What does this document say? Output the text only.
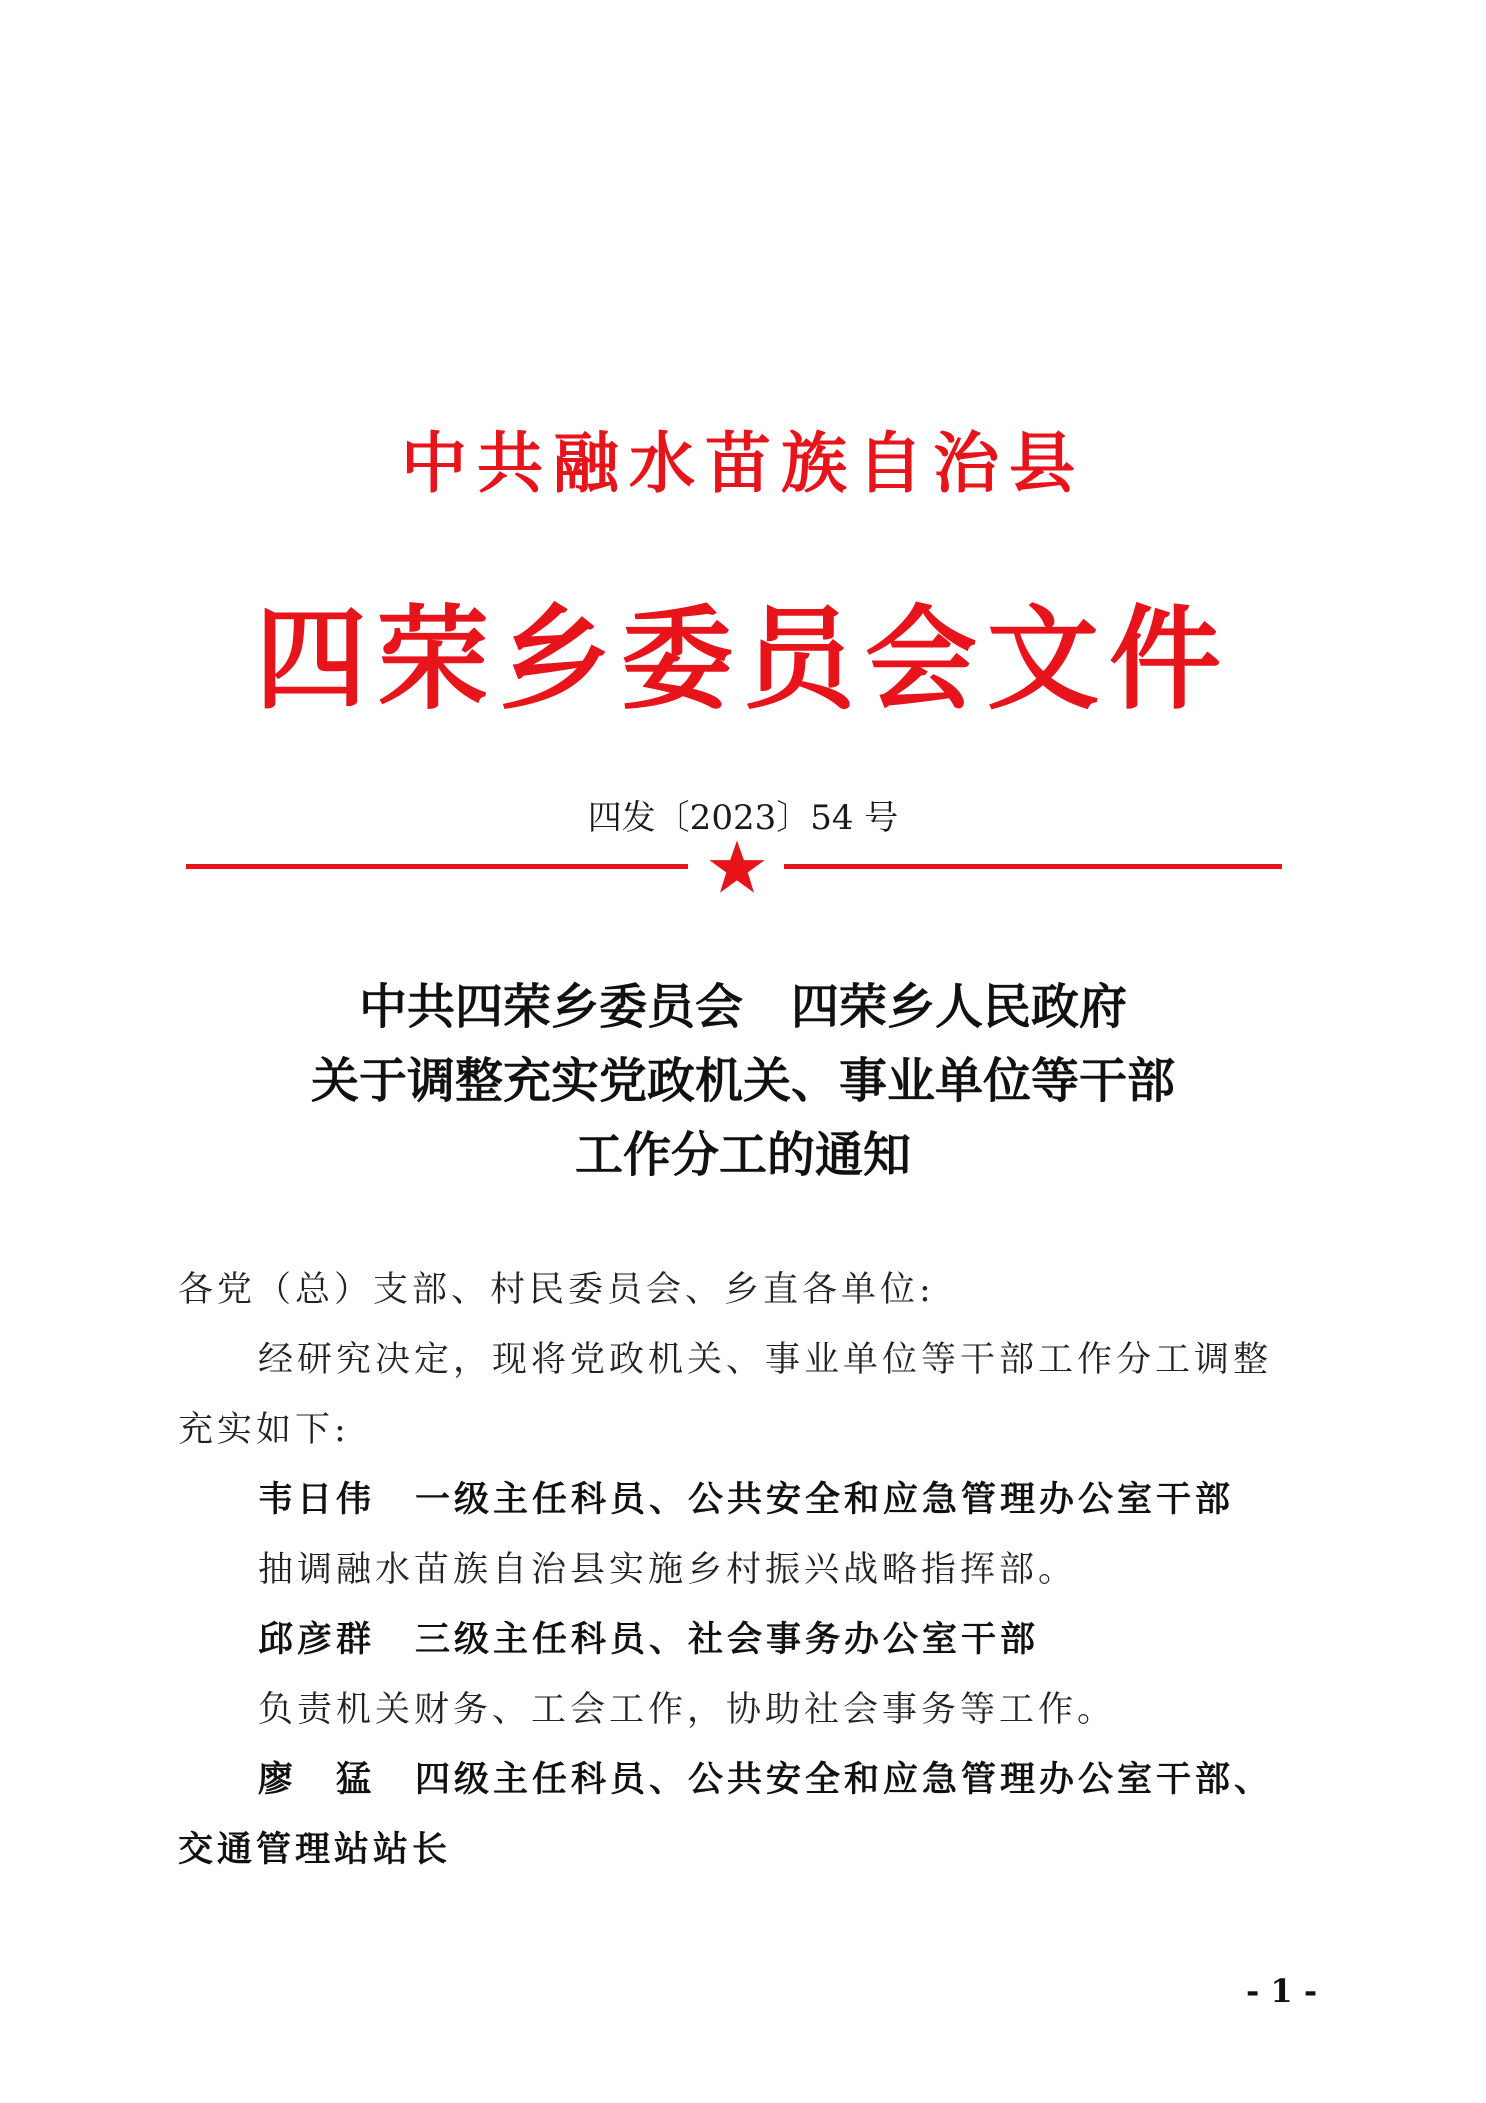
中共融水苗族自治县
四荣乡委员会文件
四发〔2023〕54 号
中共四荣乡委员会　四荣乡人民政府
关于调整充实党政机关、事业单位等干部
工作分工的通知
各党（总）支部、村民委员会、乡直各单位:
经研究决定，现将党政机关、事业单位等干部工作分工调整
充实如下:
韦日伟 一级主任科员、公共安全和应急管理办公室干部
抽调融水苗族自治县实施乡村振兴战略指挥部。
邱彦群 三级主任科员、社会事务办公室干部
负责机关财务、工会工作，协助社会事务等工作。
廖　猛 四级主任科员、公共安全和应急管理办公室干部、
交通管理站站长
- 1 -
